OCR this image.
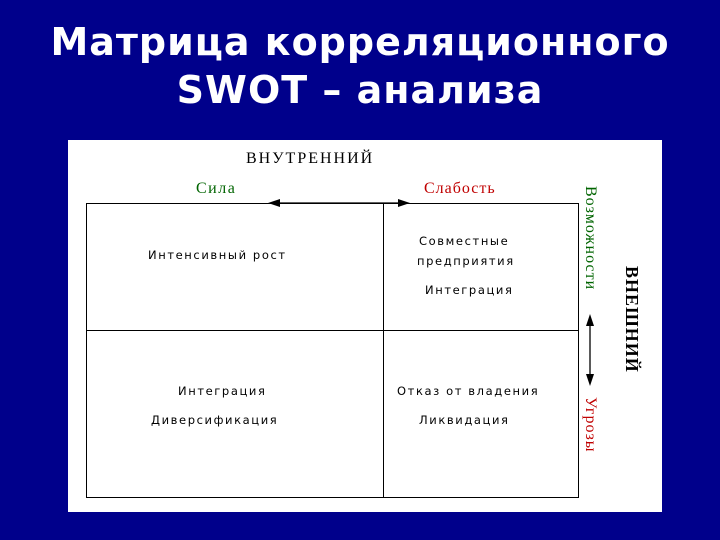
Матрица корреляционного
SWOT – анализа
ВНУТРЕННИЙ
Сила	Слабость
Интенсивный рост
Совместные
предприятия
Интеграция
Интеграция
Диверсификация
Отказ от владения
Ликвидация
Возможности
ВНЕШНИЙ
Угрозы
